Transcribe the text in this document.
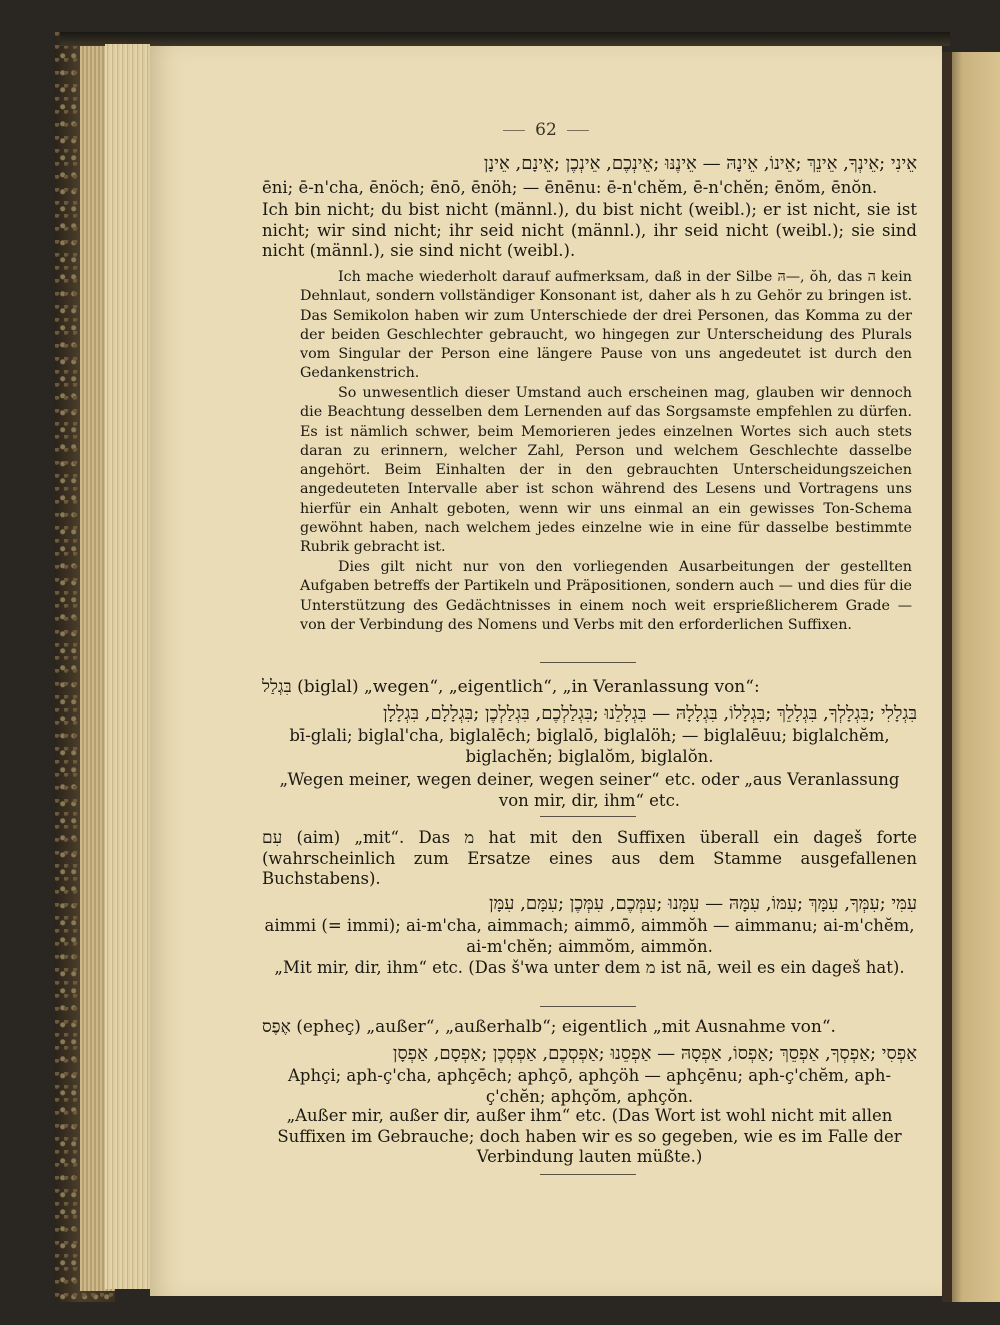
62
אֵינִי ;אֵינְךָ, אֵינֵךְ ;אֵינוֹ, אֵינָהּ — אֵינֶנּוּ ;אֵינְכֶם, אֵינְכֶן ;אֵינָם, אֵינָן

ēni; ē-n'cha, ēnöch; ēnō, ēnöh; — ēnēnu: ē-n'chĕm, ē-n'chĕn; ēnŏm, ēnŏn.

Ich bin nicht; du bist nicht (männl.), du bist nicht (weibl.); er ist nicht, sie ist nicht; wir sind nicht; ihr seid nicht (männl.), ihr seid nicht (weibl.); sie sind nicht (männl.), sie sind nicht (weibl.).

Ich mache wiederholt darauf aufmerksam, daß in der Silbe הּ—, ŏh, das ה kein Dehnlaut, sondern vollständiger Konsonant ist, daher als h zu Gehör zu bringen ist. Das Semikolon haben wir zum Unterschiede der drei Personen, das Komma zu der der beiden Geschlechter gebraucht, wo hingegen zur Unterscheidung des Plurals vom Singular der Person eine längere Pause von uns angedeutet ist durch den Gedankenstrich.

So unwesentlich dieser Umstand auch erscheinen mag, glauben wir dennoch die Beachtung desselben dem Lernenden auf das Sorgsamste empfehlen zu dürfen. Es ist nämlich schwer, beim Memorieren jedes einzelnen Wortes sich auch stets daran zu erinnern, welcher Zahl, Person und welchem Geschlechte dasselbe angehört. Beim Einhalten der in den gebrauchten Unterscheidungszeichen angedeuteten Intervalle aber ist schon während des Lesens und Vortragens uns hierfür ein Anhalt geboten, wenn wir uns einmal an ein gewisses Ton-Schema gewöhnt haben, nach welchem jedes einzelne wie in eine für dasselbe bestimmte Rubrik gebracht ist.

Dies gilt nicht nur von den vorliegenden Ausarbeitungen der gestellten Aufgaben betreffs der Partikeln und Präpositionen, sondern auch — und dies für die Unterstützung des Gedächtnisses in einem noch weit ersprießlicherem Grade — von der Verbindung des Nomens und Verbs mit den erforderlichen Suffixen.

בִּגְלַל (biglal) „wegen“, „eigentlich“, „in Veranlassung von“:
בִּגְלָלִי ;בִּגְלָלְךָ, בִּגְלָלֵךְ ;בִּגְלָלוֹ, בִּגְלָלָהּ — בִּגְלָלֵנוּ ;בִּגְלַלְכֶם, בִּגְלַלְכֶן ;בִּגְלָלָם, בִּגְלָלָן

bī-glali; biglal'cha, biglalēch; biglalō, biglalöh; — biglalēuu; biglalchĕm, biglachĕn; biglalŏm, biglalŏn.

„Wegen meiner, wegen deiner, wegen seiner“ etc. oder „aus Veranlassung von mir, dir, ihm“ etc.

עִם (aim) „mit“. Das מ hat mit den Suffixen überall ein dageš forte (wahrscheinlich zum Ersatze eines aus dem Stamme ausgefallenen Buchstabens).

עִמִּי ;עִמְּךָ, עִמָּךְ ;עִמּוֹ, עִמָּהּ — עִמָּנוּ ;עִמְּכֶם, עִמְּכֶן ;עִמָּם, עִמָּן

aimmi (= immi); ai-m'cha, aimmach; aimmō, aimmŏh — aimmanu; ai-m'chĕm, ai-m'chĕn; aimmŏm, aimmŏn.

„Mit mir, dir, ihm“ etc. (Das š'wa unter dem מ ist nā, weil es ein dageš hat).

אֶפֶס (epheç) „außer“, „außerhalb“; eigentlich „mit Ausnahme von“.
אַפְסִי ;אַפְסְךָ, אַפְסֵךְ ;אַפְסוֹ, אַפְסָהּ — אַפְסֵנוּ ;אַפְסְכֶם, אַפְסְכֶן ;אַפְסָם, אַפְסָן

Aphçi; aph-ç'cha, aphçēch; aphçō, aphçöh — aphçēnu; aph-ç'chĕm, aph-ç'chĕn; aphçŏm, aphçŏn.

„Außer mir, außer dir, außer ihm“ etc. (Das Wort ist wohl nicht mit allen Suffixen im Gebrauche; doch haben wir es so gegeben, wie es im Falle der Verbindung lauten müßte.)
